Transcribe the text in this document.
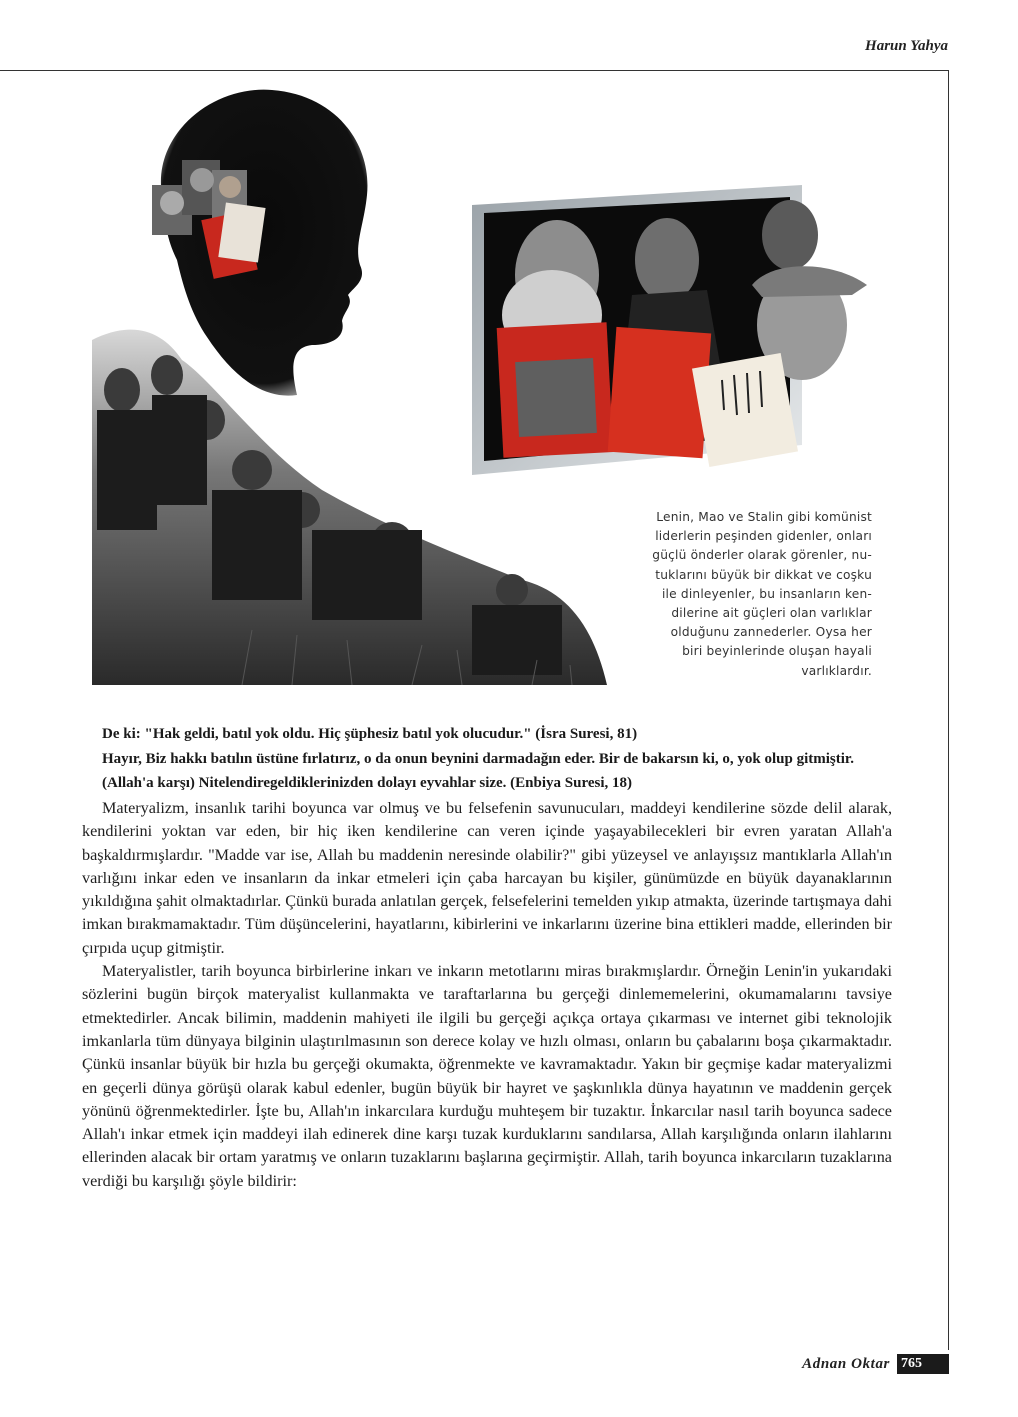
Harun Yahya

Lenin, Mao ve Stalin gibi komünist

liderlerin peşinden gidenler, onları

güçlü önderler olarak görenler, nu-

tuklarını büyük bir dikkat ve coşku

ile dinleyenler, bu insanların ken-

dilerine ait güçleri olan varlıklar

olduğunu zannederler. Oysa her

biri beyinlerinde oluşan hayali

varlıklardır.

De ki: "Hak geldi, batıl yok oldu. Hiç şüphesiz batıl yok olucudur." (İsra Suresi, 81)

Hayır, Biz hakkı batılın üstüne fırlatırız, o da onun beynini darmadağın eder. Bir de bakarsın ki, o, yok olup gitmiştir. (Allah'a karşı) Nitelendiregeldiklerinizden dolayı eyvahlar size. (Enbiya Suresi, 18)

Materyalizm, insanlık tarihi boyunca var olmuş ve bu felsefenin savunucuları, maddeyi kendilerine sözde delil alarak, kendilerini yoktan var eden, bir hiç iken kendilerine can veren içinde yaşayabilecekleri bir evren yaratan Allah'a başkaldırmışlardır. "Madde var ise, Allah bu maddenin neresinde olabilir?" gibi yüzeysel ve anlayışsız mantıklarla Allah'ın varlığını inkar eden ve insanların da inkar etmeleri için çaba harcayan bu kişiler, günümüzde en büyük dayanaklarının yıkıldığına şahit olmaktadırlar. Çünkü burada anlatılan gerçek, felsefelerini temelden yıkıp atmakta, üzerinde tartışmaya dahi imkan bırakmamaktadır. Tüm düşüncelerini, hayatlarını, kibirlerini ve inkarlarını üzerine bina ettikleri madde, ellerinden bir çırpıda uçup gitmiştir.

Materyalistler, tarih boyunca birbirlerine inkarı ve inkarın metotlarını miras bırakmışlardır. Örneğin Lenin'in yukarıdaki sözlerini bugün birçok materyalist kullanmakta ve taraftarlarına bu gerçeği dinlememelerini, okumamalarını tavsiye etmektedirler. Ancak bilimin, maddenin mahiyeti ile ilgili bu gerçeği açıkça ortaya çıkarması ve internet gibi teknolojik imkanlarla tüm dünyaya bilginin ulaştırılmasının son derece kolay ve hızlı olması, onların bu çabalarını boşa çıkarmaktadır. Çünkü insanlar büyük bir hızla bu gerçeği okumakta, öğrenmekte ve kavramaktadır. Yakın bir geçmişe kadar materyalizmi en geçerli dünya görüşü olarak kabul edenler, bugün büyük bir hayret ve şaşkınlıkla dünya hayatının ve maddenin gerçek yönünü öğrenmektedirler. İşte bu, Allah'ın inkarcılara kurduğu muhteşem bir tuzaktır. İnkarcılar nasıl tarih boyunca sadece Allah'ı inkar etmek için maddeyi ilah edinerek dine karşı tuzak kurduklarını sandılarsa, Allah karşılığında onların ilahlarını ellerinden alacak bir ortam yaratmış ve onların tuzaklarını başlarına geçirmiştir. Allah, tarih boyunca inkarcıların tuzaklarına verdiği bu karşılığı şöyle bildirir:

Adnan Oktar 765
